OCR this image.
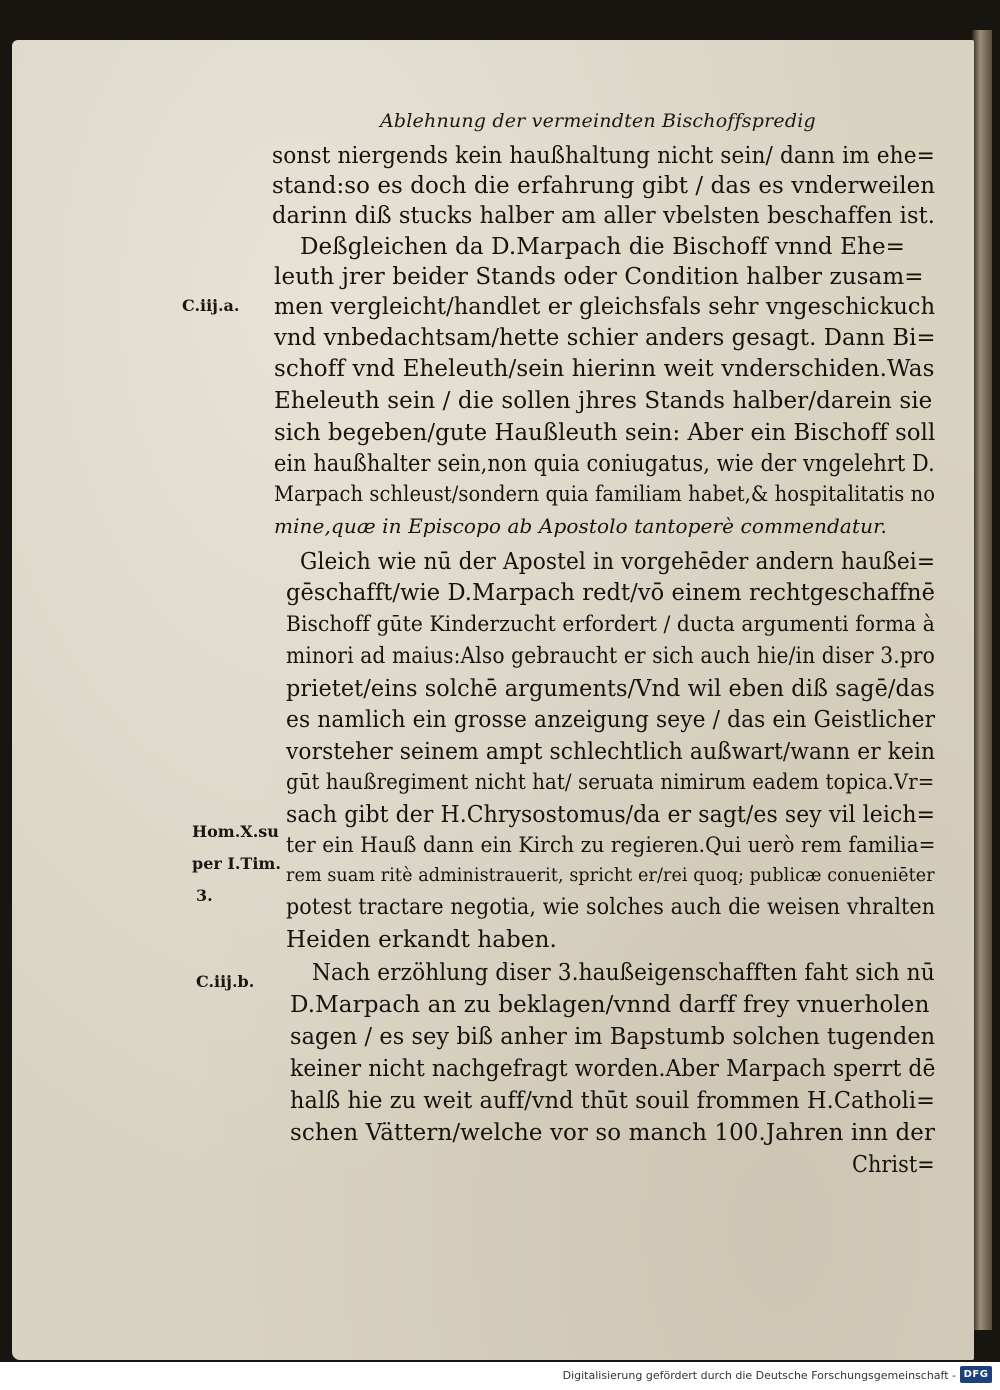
Ablehnung der vermeindten Bischoffspredig
sonst niergends kein haußhaltung nicht sein/ dann im ehe=
stand:so es doch die erfahrung gibt / das es vnderweilen
darinn diß stucks halber am aller vbelsten beschaffen ist.
Deßgleichen da D.Marpach die Bischoff vnnd Ehe=
leuth jrer beider Stands oder Condition halber zusam=
men vergleicht/handlet er gleichsfals sehr vngeschickuch
vnd vnbedachtsam/hette schier anders gesagt. Dann Bi=
schoff vnd Eheleuth/sein hierinn weit vnderschiden.Was
Eheleuth sein / die sollen jhres Stands halber/darein sie
sich begeben/gute Haußleuth sein: Aber ein Bischoff soll
ein haußhalter sein,non quia coniugatus, wie der vngelehrt D.
Marpach schleust/sondern quia familiam habet,& hospitalitatis no
mine,quæ in Episcopo ab Apostolo tantoperè commendatur.
Gleich wie nū der Apostel in vorgehēder andern haußei=
gēschafft/wie D.Marpach redt/vō einem rechtgeschaffnē
Bischoff gūte Kinderzucht erfordert / ducta argumenti forma à
minori ad maius:Also gebraucht er sich auch hie/in diser 3.pro
prietet/eins solchē arguments/Vnd wil eben diß sagē/das
es namlich ein grosse anzeigung seye / das ein Geistlicher
vorsteher seinem ampt schlechtlich außwart/wann er kein
gūt haußregiment nicht hat/ seruata nimirum eadem topica.Vr=
sach gibt der H.Chrysostomus/da er sagt/es sey vil leich=
ter ein Hauß dann ein Kirch zu regieren.Qui uerò rem familia=
rem suam ritè administrauerit, spricht er/rei quoq; publicæ conueniēter
potest tractare negotia, wie solches auch die weisen vhralten
Heiden erkandt haben.
Nach erzöhlung diser 3.haußeigenschafften faht sich nū
D.Marpach an zu beklagen/vnnd darff frey vnuerholen
sagen / es sey biß anher im Bapstumb solchen tugenden
keiner nicht nachgefragt worden.Aber Marpach sperrt dē
halß hie zu weit auff/vnd thūt souil frommen H.Catholi=
schen Vättern/welche vor so manch 100.Jahren inn der
Christ=
C.iij.a.
Hom.X.su
per I.Tim.
3.
C.iij.b.
Digitalisierung gefördert durch die Deutsche Forschungsgemeinschaft - DFG
